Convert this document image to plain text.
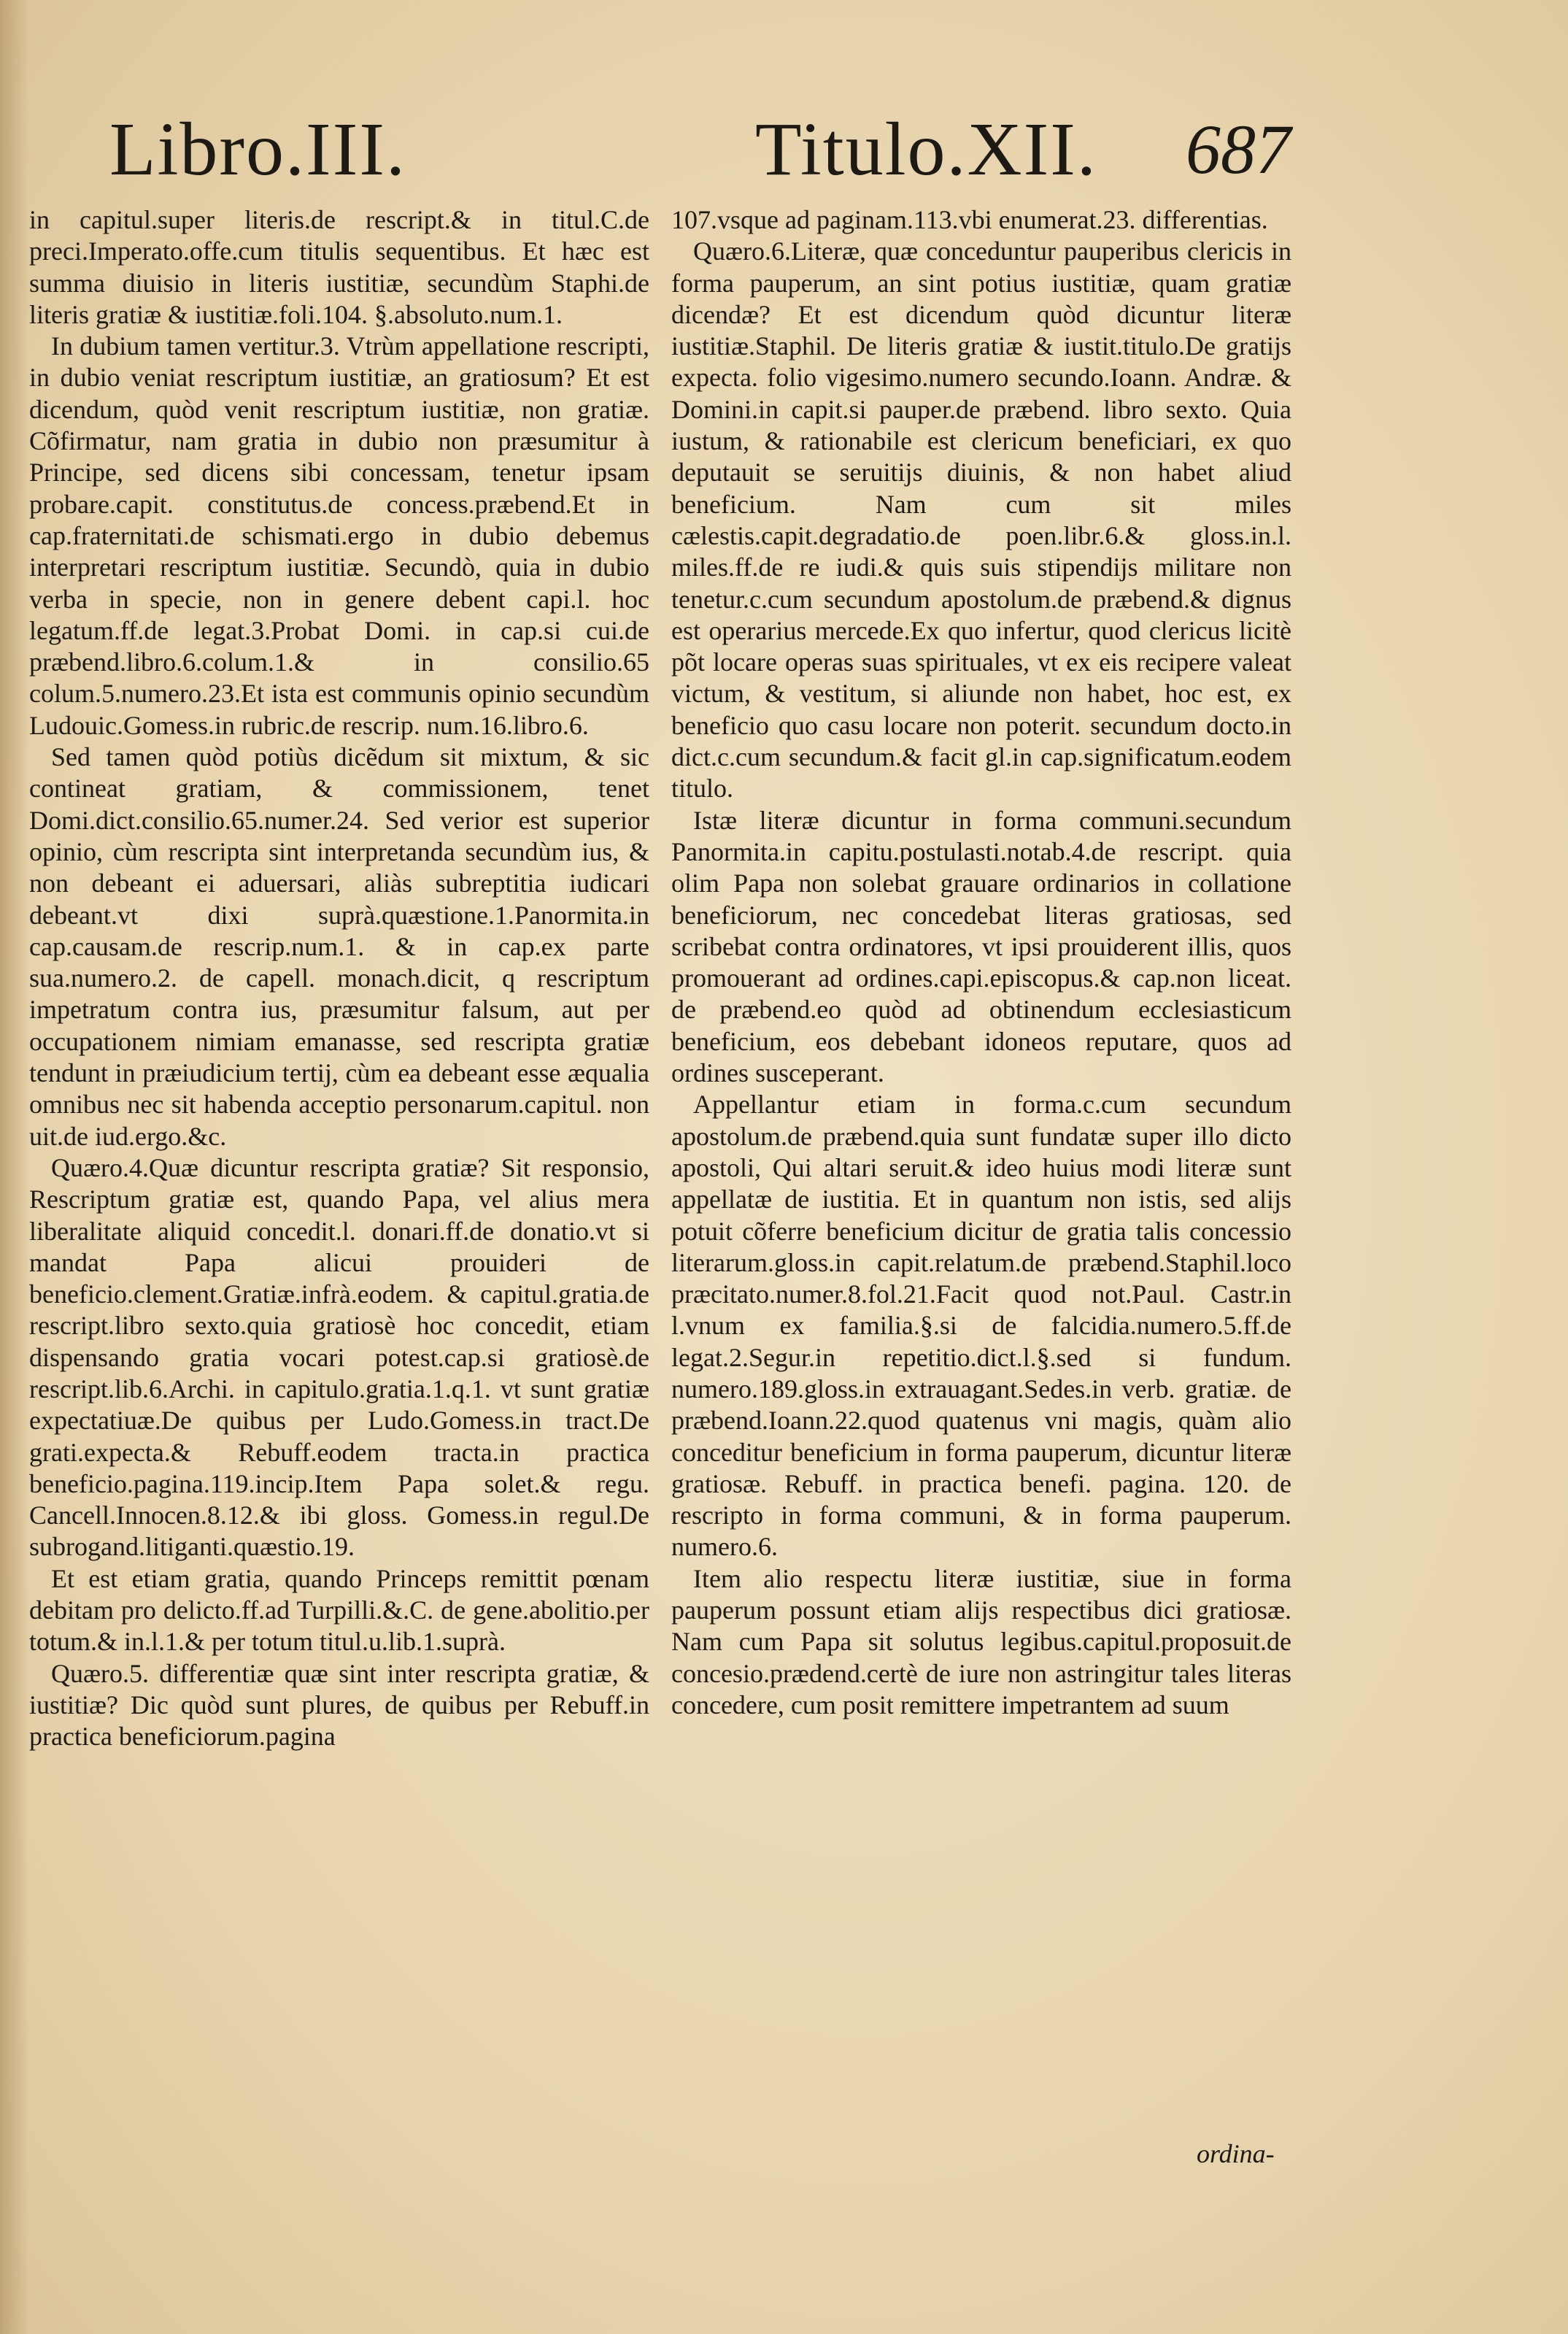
Libro.III.	Titulo.XII. 687

in capitul.super literis.de rescript.& in titul.C.de preci.Imperato.offe.cum titulis sequentibus. Et hæc est summa diuisio in literis iustitiæ, secundùm Staphi.de literis gratiæ & iustitiæ.foli.104. §.absoluto.num.1.

In dubium tamen vertitur.3. Vtrùm appellatione rescripti, in dubio veniat rescriptum iustitiæ, an gratiosum? Et est dicendum, quòd venit rescriptum iustitiæ, non gratiæ. Cõfirmatur, nam gratia in dubio non præsumitur à Principe, sed dicens sibi concessam, tenetur ipsam probare.capit. constitutus.de concess.præbend.Et in cap.fraternitati.de schismati.ergo in dubio debemus interpretari rescriptum iustitiæ. Secundò, quia in dubio verba in specie, non in genere debent capi.l. hoc legatum.ff.de legat.3.Probat Domi. in cap.si cui.de præbend.libro.6.colum.1.& in consilio.65 colum.5.numero.23.Et ista est communis opinio secundùm Ludouic.Gomess.in rubric.de rescrip. num.16.libro.6.

Sed tamen quòd potiùs dicẽdum sit mixtum, & sic contineat gratiam, & commissionem, tenet Domi.dict.consilio.65.numer.24. Sed verior est superior opinio, cùm rescripta sint interpretanda secundùm ius, & non debeant ei aduersari, aliàs subreptitia iudicari debeant.vt dixi suprà.quæstione.1.Panormita.in cap.causam.de rescrip.num.1. & in cap.ex parte sua.numero.2. de capell. monach.dicit, q rescriptum impetratum contra ius, præsumitur falsum, aut per occupationem nimiam emanasse, sed rescripta gratiæ tendunt in præiudicium tertij, cùm ea debeant esse æqualia omnibus nec sit habenda acceptio personarum.capitul. non uit.de iud.ergo.&c.

Quæro.4.Quæ dicuntur rescripta gratiæ? Sit responsio, Rescriptum gratiæ est, quando Papa, vel alius mera liberalitate aliquid concedit.l. donari.ff.de donatio.vt si mandat Papa alicui prouideri de beneficio.clement.Gratiæ.infrà.eodem. & capitul.gratia.de rescript.libro sexto.quia gratiosè hoc concedit, etiam dispensando gratia vocari potest.cap.si gratiosè.de rescript.lib.6.Archi. in capitulo.gratia.1.q.1. vt sunt gratiæ expectatiuæ.De quibus per Ludo.Gomess.in tract.De grati.expecta.& Rebuff.eodem tracta.in practica beneficio.pagina.119.incip.Item Papa solet.& regu. Cancell.Innocen.8.12.& ibi gloss. Gomess.in regul.De subrogand.litiganti.quæstio.19.

Et est etiam gratia, quando Princeps remittit pœnam debitam pro delicto.ff.ad Turpilli.&.C. de gene.abolitio.per totum.& in.l.1.& per totum titul.u.lib.1.suprà.

Quæro.5. differentiæ quæ sint inter rescripta gratiæ, & iustitiæ? Dic quòd sunt plures, de quibus per Rebuff.in practica beneficiorum.pagina

107.vsque ad paginam.113.vbi enumerat.23. differentias.

Quæro.6.Literæ, quæ conceduntur pauperibus clericis in forma pauperum, an sint potius iustitiæ, quam gratiæ dicendæ? Et est dicendum quòd dicuntur literæ iustitiæ.Staphil. De literis gratiæ & iustit.titulo.De gratijs expecta. folio vigesimo.numero secundo.Ioann. Andræ. & Domini.in capit.si pauper.de præbend. libro sexto. Quia iustum, & rationabile est clericum beneficiari, ex quo deputauit se seruitijs diuinis, & non habet aliud beneficium. Nam cum sit miles cælestis.capit.degradatio.de poen.libr.6.& gloss.in.l. miles.ff.de re iudi.& quis suis stipendijs militare non tenetur.c.cum secundum apostolum.de præbend.& dignus est operarius mercede.Ex quo infertur, quod clericus licitè põt locare operas suas spirituales, vt ex eis recipere valeat victum, & vestitum, si aliunde non habet, hoc est, ex beneficio quo casu locare non poterit. secundum docto.in dict.c.cum secundum.& facit gl.in cap.significatum.eodem titulo.

Istæ literæ dicuntur in forma communi.secundum Panormita.in capitu.postulasti.notab.4.de rescript. quia olim Papa non solebat grauare ordinarios in collatione beneficiorum, nec concedebat literas gratiosas, sed scribebat contra ordinatores, vt ipsi prouiderent illis, quos promouerant ad ordines.capi.episcopus.& cap.non liceat. de præbend.eo quòd ad obtinendum ecclesiasticum beneficium, eos debebant idoneos reputare, quos ad ordines susceperant.

Appellantur etiam in forma.c.cum secundum apostolum.de præbend.quia sunt fundatæ super illo dicto apostoli, Qui altari seruit.& ideo huius modi literæ sunt appellatæ de iustitia. Et in quantum non istis, sed alijs potuit cõferre beneficium dicitur de gratia talis concessio literarum.gloss.in capit.relatum.de præbend.Staphil.loco præcitato.numer.8.fol.21.Facit quod not.Paul. Castr.in l.vnum ex familia.§.si de falcidia.numero.5.ff.de legat.2.Segur.in repetitio.dict.l.§.sed si fundum. numero.189.gloss.in extrauagant.Sedes.in verb. gratiæ. de præbend.Ioann.22.quod quatenus vni magis, quàm alio conceditur beneficium in forma pauperum, dicuntur literæ gratiosæ. Rebuff. in practica benefi. pagina. 120. de rescripto in forma communi, & in forma pauperum. numero.6.

Item alio respectu literæ iustitiæ, siue in forma pauperum possunt etiam alijs respectibus dici gratiosæ. Nam cum Papa sit solutus legibus.capitul.proposuit.de concesio.prædend.certè de iure non astringitur tales literas concedere, cum posit remittere impetrantem ad suum

ordina-
